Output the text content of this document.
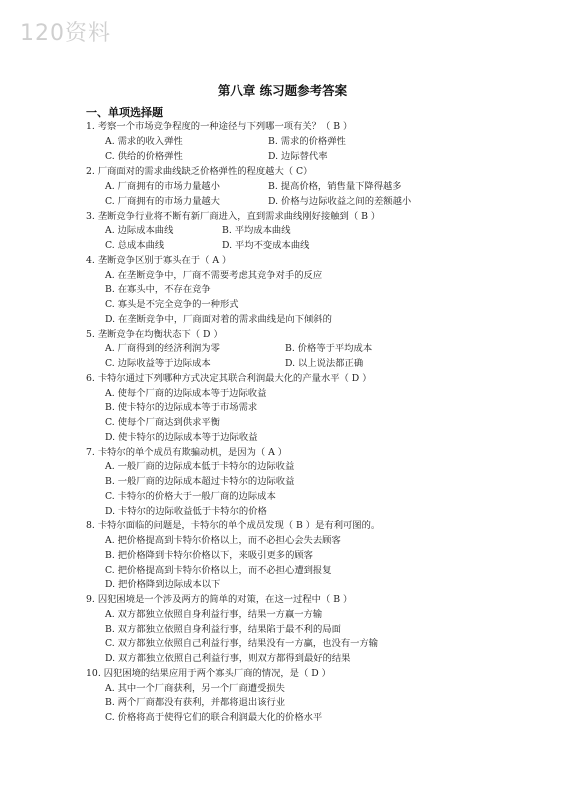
120资料
第八章 练习题参考答案
一、单项选择题
1. 考察一个市场竞争程度的一种途径与下列哪一项有关？（ B ）
A. 需求的收入弹性	B. 需求的价格弹性
C. 供给的价格弹性	D. 边际替代率
2. 厂商面对的需求曲线缺乏价格弹性的程度越大（ C）
A. 厂商拥有的市场力量越小	B. 提高价格，销售量下降得越多
C. 厂商拥有的市场力量越大	D. 价格与边际收益之间的差额越小
3. 垄断竞争行业将不断有新厂商进入，直到需求曲线刚好接触到（ B ）
A. 边际成本曲线	B. 平均成本曲线
C. 总成本曲线	D. 平均不变成本曲线
4. 垄断竞争区别于寡头在于（ A ）
A. 在垄断竞争中，厂商不需要考虑其竞争对手的反应
B. 在寡头中，不存在竞争
C. 寡头是不完全竞争的一种形式
D. 在垄断竞争中，厂商面对着的需求曲线是向下倾斜的
5. 垄断竞争在均衡状态下（ D ）
A. 厂商得到的经济利润为零	B. 价格等于平均成本
C. 边际收益等于边际成本	D. 以上说法都正确
6. 卡特尔通过下列哪种方式决定其联合利润最大化的产量水平（ D ）
A. 使每个厂商的边际成本等于边际收益
B. 使卡特尔的边际成本等于市场需求
C. 使每个厂商达到供求平衡
D. 使卡特尔的边际成本等于边际收益
7. 卡特尔的单个成员有欺骗动机，是因为（ A ）
A. 一般厂商的边际成本低于卡特尔的边际收益
B. 一般厂商的边际成本超过卡特尔的边际收益
C. 卡特尔的价格大于一般厂商的边际成本
D. 卡特尔的边际收益低于卡特尔的价格
8. 卡特尔面临的问题是，卡特尔的单个成员发现（ B ）是有利可图的。
A. 把价格提高到卡特尔价格以上，而不必担心会失去顾客
B. 把价格降到卡特尔价格以下，来吸引更多的顾客
C. 把价格提高到卡特尔价格以上，而不必担心遭到报复
D. 把价格降到边际成本以下
9. 囚犯困境是一个涉及两方的简单的对策，在这一过程中（ B ）
A. 双方都独立依照自身利益行事，结果一方赢一方输
B. 双方都独立依照自身利益行事，结果陷于最不利的局面
C. 双方都独立依照自己利益行事，结果没有一方赢，也没有一方输
D. 双方都独立依照自己利益行事，则双方都得到最好的结果
10. 囚犯困境的结果应用于两个寡头厂商的情况，是（ D ）
A. 其中一个厂商获利，另一个厂商遭受损失
B. 两个厂商都没有获利，并都将退出该行业
C. 价格将高于使得它们的联合利润最大化的价格水平
